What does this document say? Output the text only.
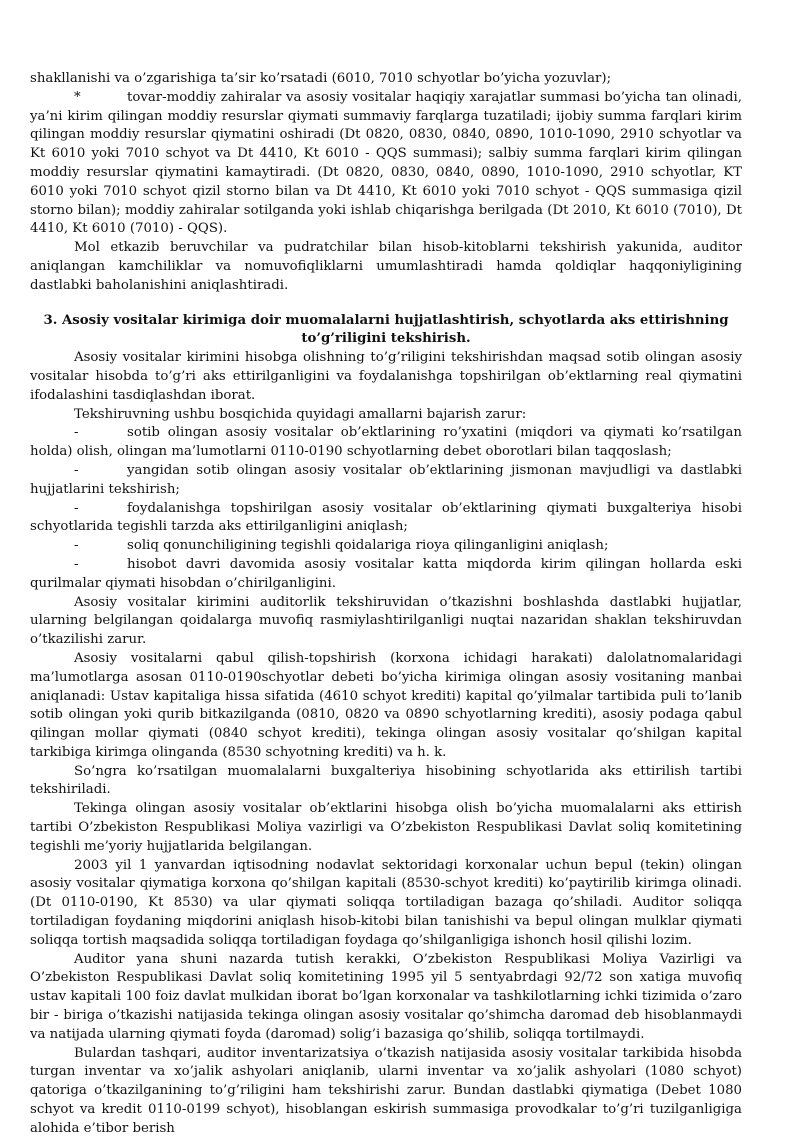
shakllanishi va o’zgarishiga ta’sir ko’rsatadi (6010, 7010 schyotlar bo’yicha yozuvlar);

*	tovar-moddiy zahiralar va asosiy vositalar haqiqiy xarajatlar summasi bo’yicha tan olinadi, ya’ni kirim qilingan moddiy resurslar qiymati summaviy farqlarga tuzatiladi; ijobiy summa farqlari kirim qilingan moddiy resurslar qiymatini oshiradi (Dt 0820, 0830, 0840, 0890, 1010-1090, 2910 schyotlar va Kt 6010 yoki 7010 schyot va Dt 4410, Kt 6010 - QQS summasi); salbiy summa farqlari kirim qilingan moddiy resurslar qiymatini kamaytiradi. (Dt 0820, 0830, 0840, 0890, 1010-1090, 2910 schyotlar, KT 6010 yoki 7010 schyot qizil storno bilan va Dt 4410, Kt 6010 yoki 7010 schyot - QQS summasiga qizil storno bilan); moddiy zahiralar sotilganda yoki ishlab chiqarishga berilgada (Dt 2010, Kt 6010 (7010), Dt 4410, Kt 6010 (7010) - QQS).

Mol etkazib beruvchilar va pudratchilar bilan hisob-kitoblarni tekshirish yakunida, auditor aniqlangan kamchiliklar va nomuvofiqliklarni umumlashtiradi hamda qoldiqlar haqqoniyligining dastlabki baholanishini aniqlashtiradi.

3. Asosiy vositalar kirimiga doir muomalalarni hujjatlashtirish, schyotlarda aks ettirishning
to’g’riligini tekshirish.

Asosiy vositalar kirimini hisobga olishning to’g’riligini tekshirishdan maqsad sotib olingan asosiy vositalar hisobda to’g’ri aks ettirilganligini va foydalanishga topshirilgan ob’ektlarning real qiymatini ifodalashini tasdiqlashdan iborat.

Tekshiruvning ushbu bosqichida quyidagi amallarni bajarish zarur:

-	sotib olingan asosiy vositalar ob’ektlarining ro’yxatini (miqdori va qiymati ko’rsatilgan holda) olish, olingan ma’lumotlarni 0110-0190 schyotlarning debet oborotlari bilan taqqoslash;

-	yangidan sotib olingan asosiy vositalar ob’ektlarining jismonan mavjudligi va dastlabki hujjatlarini tekshirish;

-	foydalanishga topshirilgan asosiy vositalar ob’ektlarining qiymati buxgalteriya hisobi schyotlarida tegishli tarzda aks ettirilganligini aniqlash;

-	soliq qonunchiligining tegishli qoidalariga rioya qilinganligini aniqlash;

-	hisobot davri davomida asosiy vositalar katta miqdorda kirim qilingan hollarda eski qurilmalar qiymati hisobdan o’chirilganligini.

Asosiy vositalar kirimini auditorlik tekshiruvidan o’tkazishni boshlashda dastlabki hujjatlar, ularning belgilangan qoidalarga muvofiq rasmiylashtirilganligi nuqtai nazaridan shaklan tekshiruvdan o’tkazilishi zarur.

Asosiy vositalarni qabul qilish-topshirish (korxona ichidagi harakati) dalolatnomalaridagi ma’lumotlarga asosan 0110-0190schyotlar debeti bo’yicha kirimiga olingan asosiy vositaning manbai aniqlanadi: Ustav kapitaliga hissa sifatida (4610 schyot krediti) kapital qo’yilmalar tartibida puli to’lanib sotib olingan yoki qurib bitkazilganda (0810, 0820 va 0890 schyotlarning krediti), asosiy podaga qabul qilingan mollar qiymati (0840 schyot krediti), tekinga olingan asosiy vositalar qo’shilgan kapital tarkibiga kirimga olinganda (8530 schyotning krediti) va h. k.

So’ngra ko’rsatilgan muomalalarni buxgalteriya hisobining schyotlarida aks ettirilish tartibi tekshiriladi.

Tekinga olingan asosiy vositalar ob’ektlarini hisobga olish bo’yicha muomalalarni aks ettirish tartibi O’zbekiston Respublikasi Moliya vazirligi va O’zbekiston Respublikasi Davlat soliq komitetining tegishli me’yoriy hujjatlarida belgilangan.

2003 yil 1 yanvardan iqtisodning nodavlat sektoridagi korxonalar uchun bepul (tekin) olingan asosiy vositalar qiymatiga korxona qo’shilgan kapitali (8530-schyot krediti) ko’paytirilib kirimga olinadi. (Dt 0110-0190, Kt 8530) va ular qiymati soliqqa tortiladigan bazaga qo’shiladi. Auditor soliqqa tortiladigan foydaning miqdorini aniqlash hisob-kitobi bilan tanishishi va bepul olingan mulklar qiymati soliqqa tortish maqsadida soliqqa tortiladigan foydaga qo’shilganligiga ishonch hosil qilishi lozim.

Auditor yana shuni nazarda tutish kerakki, O’zbekiston Respublikasi Moliya Vazirligi va O’zbekiston Respublikasi Davlat soliq komitetining 1995 yil 5 sentyabrdagi 92/72 son xatiga muvofiq ustav kapitali 100 foiz davlat mulkidan iborat bo’lgan korxonalar va tashkilotlarning ichki tizimida o’zaro bir - biriga o’tkazishi natijasida tekinga olingan asosiy vositalar qo’shimcha daromad deb hisoblanmaydi va natijada ularning qiymati foyda (daromad) solig’i bazasiga qo’shilib, soliqqa tortilmaydi.

Bulardan tashqari, auditor inventarizatsiya o’tkazish natijasida asosiy vositalar tarkibida hisobda turgan inventar va xo’jalik ashyolari aniqlanib, ularni inventar va xo’jalik ashyolari (1080 schyot) qatoriga o’tkazilganining to’g’riligini ham tekshirishi zarur. Bundan dastlabki qiymatiga (Debet 1080 schyot va kredit 0110-0199 schyot), hisoblangan eskirish summasiga provodkalar to’g’ri tuzilganligiga alohida e’tibor berish
